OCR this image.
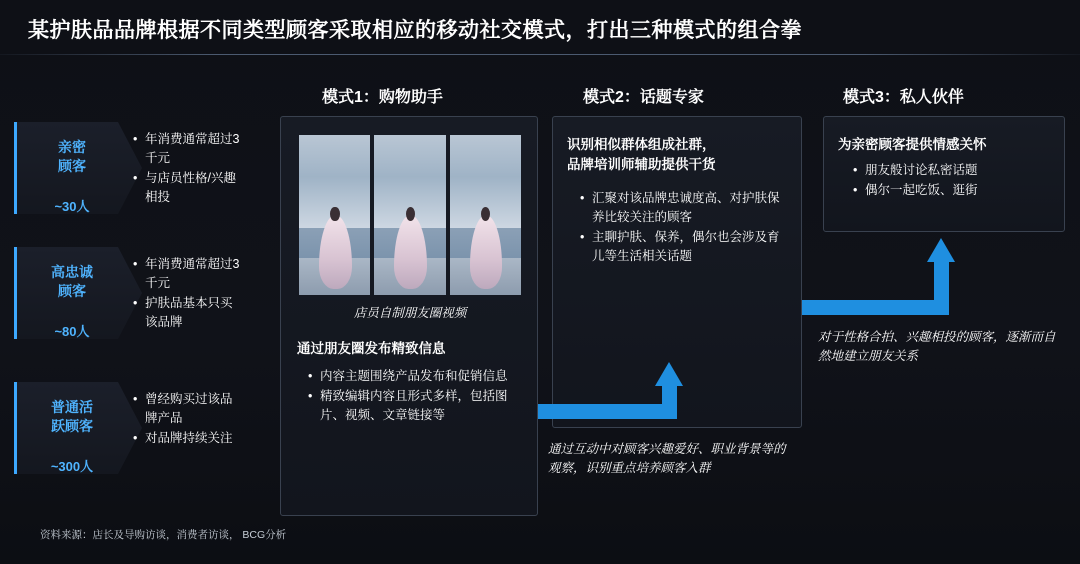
某护肤品品牌根据不同类型顾客采取相应的移动社交模式，打出三种模式的组合拳
模式1：购物助手	模式2：话题专家	模式3：私人伙伴
亲密
顾客
~30人
• 年消费通常超过3千元
• 与店员性格/兴趣相投
高忠诚
顾客
~80人
• 年消费通常超过3千元
• 护肤品基本只买该品牌
普通活
跃顾客
~300人
• 曾经购买过该品牌产品
• 对品牌持续关注
店员自制朋友圈视频
通过朋友圈发布精致信息
• 内容主题围绕产品发布和促销信息
• 精致编辑内容且形式多样，包括图片、视频、文章链接等
识别相似群体组成社群，
品牌培训师辅助提供干货
• 汇聚对该品牌忠诚度高、对护肤保养比较关注的顾客
• 主聊护肤、保养，偶尔也会涉及育儿等生活相关话题
为亲密顾客提供情感关怀
• 朋友般讨论私密话题
• 偶尔一起吃饭、逛街
通过互动中对顾客兴趣爱好、职业背景等的观察，识别重点培养顾客入群
对于性格合拍、兴趣相投的顾客，逐渐而自然地建立朋友关系
资料来源：店长及导购访谈，消费者访谈， BCG分析
